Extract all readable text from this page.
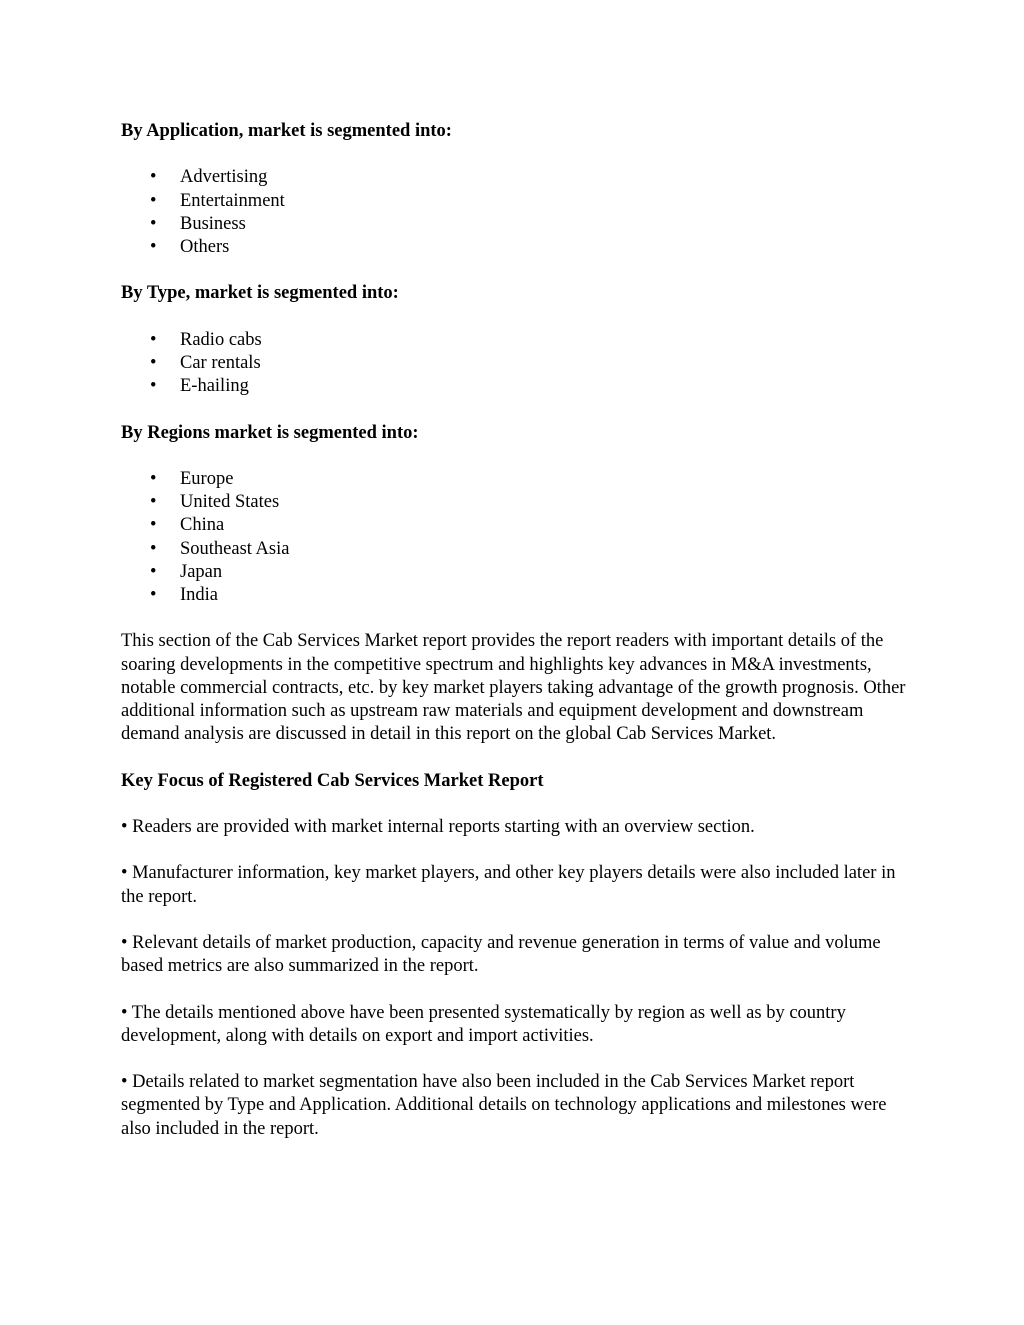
By Application, market is segmented into:
• Advertising
• Entertainment
• Business
• Others
By Type, market is segmented into:
• Radio cabs
• Car rentals
• E-hailing
By Regions market is segmented into:
• Europe
• United States
• China
• Southeast Asia
• Japan
• India

This section of the Cab Services Market report provides the report readers with important details of the soaring developments in the competitive spectrum and highlights key advances in M&A investments, notable commercial contracts, etc. by key market players taking advantage of the growth prognosis. Other additional information such as upstream raw materials and equipment development and downstream demand analysis are discussed in detail in this report on the global Cab Services Market.

Key Focus of Registered Cab Services Market Report

• Readers are provided with market internal reports starting with an overview section.

• Manufacturer information, key market players, and other key players details were also included later in the report.

• Relevant details of market production, capacity and revenue generation in terms of value and volume based metrics are also summarized in the report.

• The details mentioned above have been presented systematically by region as well as by country development, along with details on export and import activities.

• Details related to market segmentation have also been included in the Cab Services Market report segmented by Type and Application. Additional details on technology applications and milestones were also included in the report.
